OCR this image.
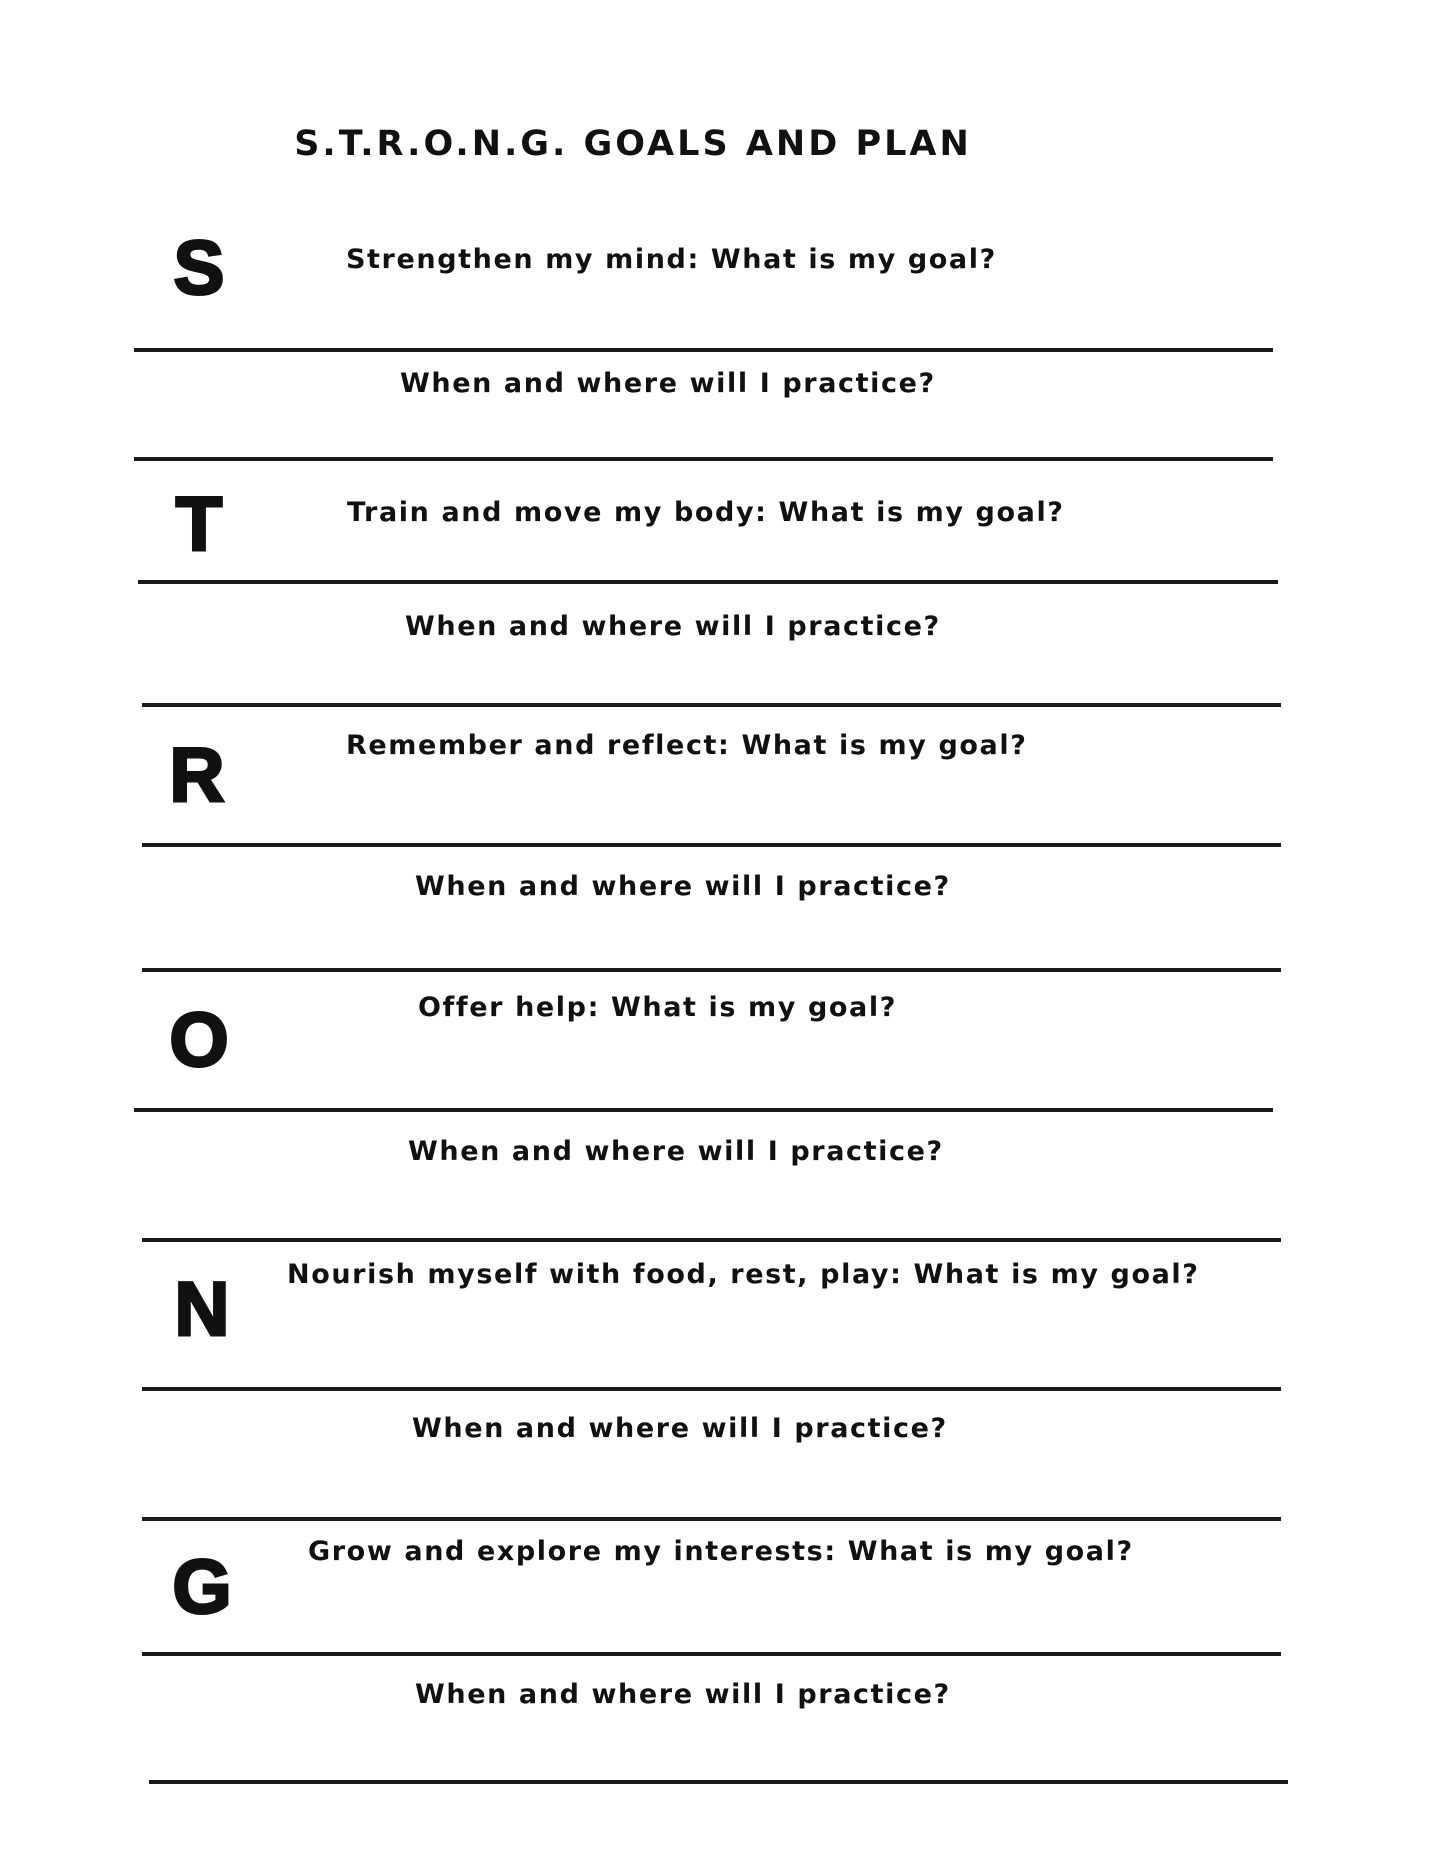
S.T.R.O.N.G. GOALS AND PLAN
S	Strengthen my mind: What is my goal?
When and where will I practice?
T	Train and move my body: What is my goal?
When and where will I practice?
R	Remember and reflect: What is my goal?
When and where will I practice?
O	Offer help: What is my goal?
When and where will I practice?
N Nourish myself with food, rest, play: What is my goal?
When and where will I practice?
G	Grow and explore my interests: What is my goal?
When and where will I practice?
